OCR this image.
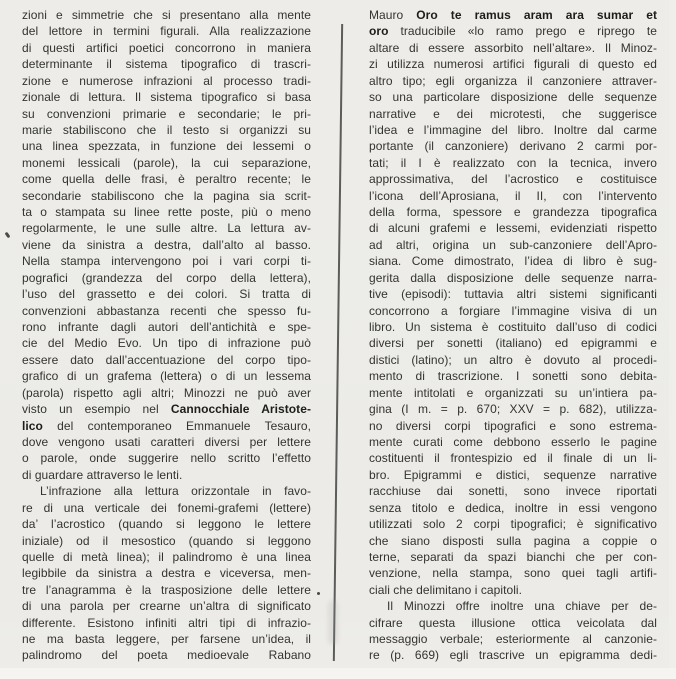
zioni e simmetrie che si presentano alla mente
del lettore in termini figurali. Alla realizzazione
di questi artifici poetici concorrono in maniera
determinante il sistema tipografico di trascri-
zione e numerose infrazioni al processo tradi-
zionale di lettura. Il sistema tipografico si basa
su convenzioni primarie e secondarie; le pri-
marie stabiliscono che il testo si organizzi su
una linea spezzata, in funzione dei lessemi o
monemi lessicali (parole), la cui separazione,
come quella delle frasi, è peraltro recente; le
secondarie stabiliscono che la pagina sia scrit-
ta o stampata su linee rette poste, più o meno
regolarmente, le une sulle altre. La lettura av-
viene da sinistra a destra, dall’alto al basso.
Nella stampa intervengono poi i vari corpi ti-
pografici (grandezza del corpo della lettera),
l’uso del grassetto e dei colori. Si tratta di
convenzioni abbastanza recenti che spesso fu-
rono infrante dagli autori dell’antichità e spe-
cie del Medio Evo. Un tipo di infrazione può
essere dato dall’accentuazione del corpo tipo-
grafico di un grafema (lettera) o di un lessema
(parola) rispetto agli altri; Minozzi ne può aver
visto un esempio nel Cannocchiale Aristote-
lico del contemporaneo Emmanuele Tesauro,
dove vengono usati caratteri diversi per lettere
o parole, onde suggerire nello scritto l’effetto
di guardare attraverso le lenti.
L’infrazione alla lettura orizzontale in favo-
re di una verticale dei fonemi-grafemi (lettere)
da’ l’acrostico (quando si leggono le lettere
iniziale) od il mesostico (quando si leggono
quelle di metà linea); il palindromo è una linea
legibbile da sinistra a destra e viceversa, men-
tre l’anagramma è la trasposizione delle lettere
di una parola per crearne un’altra di significato
differente. Esistono infiniti altri tipi di infrazio-
ne ma basta leggere, per farsene un’idea, il
palindromo del poeta medioevale Rabano
Mauro Oro te ramus aram ara sumar et
oro traducibile «lo ramo prego e riprego te
altare di essere assorbito nell’altare». Il Minoz-
zi utilizza numerosi artifici figurali di questo ed
altro tipo; egli organizza il canzoniere attraver-
so una particolare disposizione delle sequenze
narrative e dei microtesti, che suggerisce
l’idea e l’immagine del libro. Inoltre dal carme
portante (il canzoniere) derivano 2 carmi por-
tati; il I è realizzato con la tecnica, invero
approssimativa, del l’acrostico e costituisce
l’icona dell’Aprosiana, il II, con l’intervento
della forma, spessore e grandezza tipografica
di alcuni grafemi e lessemi, evidenziati rispetto
ad altri, origina un sub-canzoniere dell’Apro-
siana. Come dimostrato, l’idea di libro è sug-
gerita dalla disposizione delle sequenze narra-
tive (episodi): tuttavia altri sistemi significanti
concorrono a forgiare l’immagine visiva di un
libro. Un sistema è costituito dall’uso di codici
diversi per sonetti (italiano) ed epigrammi e
distici (latino); un altro è dovuto al procedi-
mento di trascrizione. I sonetti sono debita-
mente intitolati e organizzati su un’intiera pa-
gina (I m. = p. 670; XXV = p. 682), utilizza-
no diversi corpi tipografici e sono estrema-
mente curati come debbono esserlo le pagine
costituenti il frontespizio ed il finale di un li-
bro. Epigrammi e distici, sequenze narrative
racchiuse dai sonetti, sono invece riportati
senza titolo e dedica, inoltre in essi vengono
utilizzati solo 2 corpi tipografici; è significativo
che siano disposti sulla pagina a coppie o
terne, separati da spazi bianchi che per con-
venzione, nella stampa, sono quei tagli artifi-
ciali che delimitano i capitoli.
Il Minozzi offre inoltre una chiave per de-
cifrare questa illusione ottica veicolata dal
messaggio verbale; esteriormente al canzonie-
re (p. 669) egli trascrive un epigramma dedi-
